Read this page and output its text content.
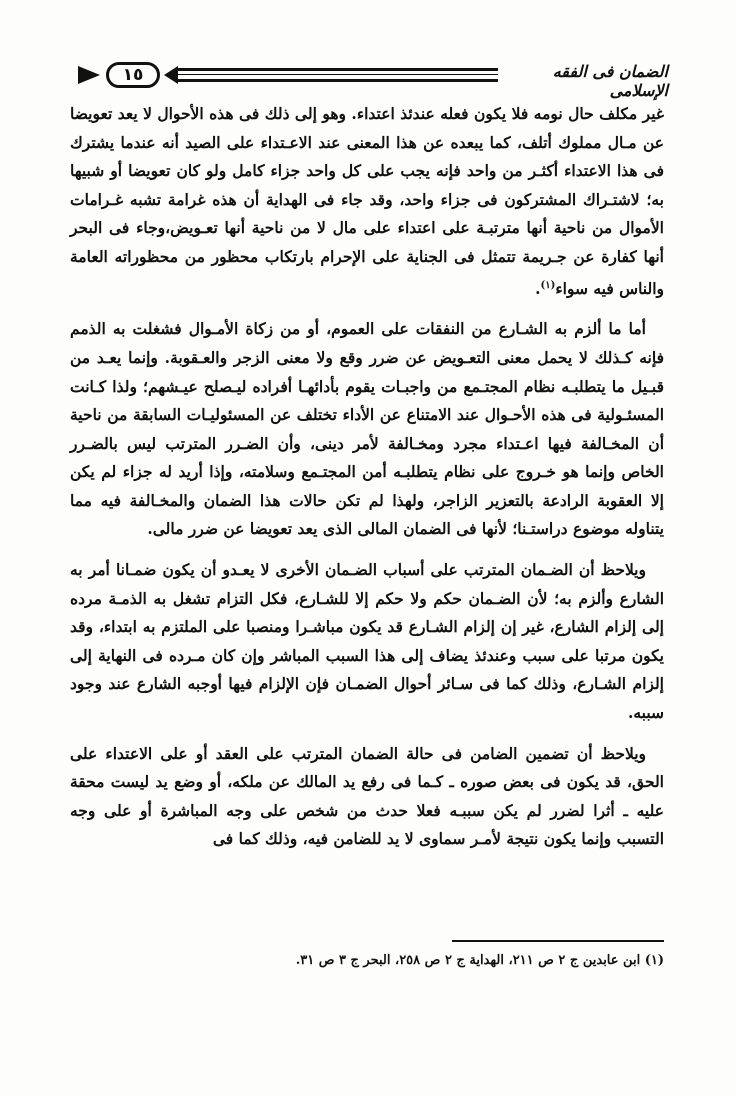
١٥	الضمان فى الفقه الإسلامى

غير مكلف حال نومه فلا يكون فعله عندئذ اعتداء. وهو إلى ذلك فى هذه الأحوال لا يعد تعويضا عن مـال مملوك أتلف، كما يبعده عن هذا المعنى عند الاعـتداء على الصيد أنه عندما يشترك فى هذا الاعتداء أكثـر من واحد فإنه يجب على كل واحد جزاء كامل ولو كان تعويضا أو شبيها به؛ لاشتـراك المشتركون فى جزاء واحد، وقد جاء فى الهداية أن هذه غرامة تشبه غـرامات الأموال من ناحية أنها مترتبـة على اعتداء على مال لا من ناحية أنها تعـويض،وجاء فى البحر أنها كفارة عن جـريمة تتمثل فى الجناية على الإحرام بارتكاب محظور من محظوراته العامة والناس فيه سواء$^{(١)}$.

أما ما ألزم به الشـارع من النفقات على العموم، أو من زكاة الأمـوال فشغلت به الذمم فإنه كـذلك لا يحمل معنى التعـويض عن ضرر وقع ولا معنى الزجر والعـقوبة. وإنما يعـد من قبـيل ما يتطلبـه نظام المجتـمع من واجبـات يقوم بأدائهـا أفراده ليـصلح عيـشهم؛ ولذا كـانت المسئـولية فى هذه الأحـوال عند الامتناع عن الأداء تختلف عن المسئوليـات السابقة من ناحية أن المخـالفة فيها اعـتداء مجرد ومخـالفة لأمر دينى، وأن الضـرر المترتب ليس بالضـرر الخاص وإنما هو خـروج على نظام يتطلبـه أمن المجتـمع وسلامته، وإذا أريد له جزاء لم يكن إلا العقوبة الرادعة بالتعزير الزاجر، ولهذا لم تكن حالات هذا الضمان والمخـالفة فيه مما يتناوله موضوع دراستـنا؛ لأنها فى الضمان المالى الذى يعد تعويضا عن ضرر مالى.

ويلاحظ أن الضـمان المترتب على أسباب الضـمان الأخرى لا يعـدو أن يكون ضمـانا أمر به الشارع وألزم به؛ لأن الضـمان حكم ولا حكم إلا للشـارع، فكل التزام تشغل به الذمـة مرده إلى إلزام الشارع، غير إن إلزام الشـارع قد يكون مباشـرا ومنصبا على الملتزم به ابتداء، وقد يكون مرتبا على سبب وعندئذ يضاف إلى هذا السبب المباشر وإن كان مـرده فى النهاية إلى إلزام الشـارع، وذلك كما فى سـائر أحوال الضمـان فإن الإلزام فيها أوجبه الشارع عند وجود سببه.

ويلاحظ أن تضمين الضامن فى حالة الضمان المترتب على العقد أو على الاعتداء على الحق، قد يكون فى بعض صوره ـ كـما فى رفع يد المالك عن ملكه، أو وضع يد ليست محقة عليه ـ أثرا لضرر لم يكن سببـه فعلا حدث من شخص على وجه المباشرة أو على وجه التسبب وإنما يكون نتيجة لأمـر سماوى لا يد للضامن فيه، وذلك كما فى

(١) ابن عابدين ج ٢ ص ٢١١، الهداية ج ٢ ص ٢٥٨، البحر ج ٣ ص ٣١.
